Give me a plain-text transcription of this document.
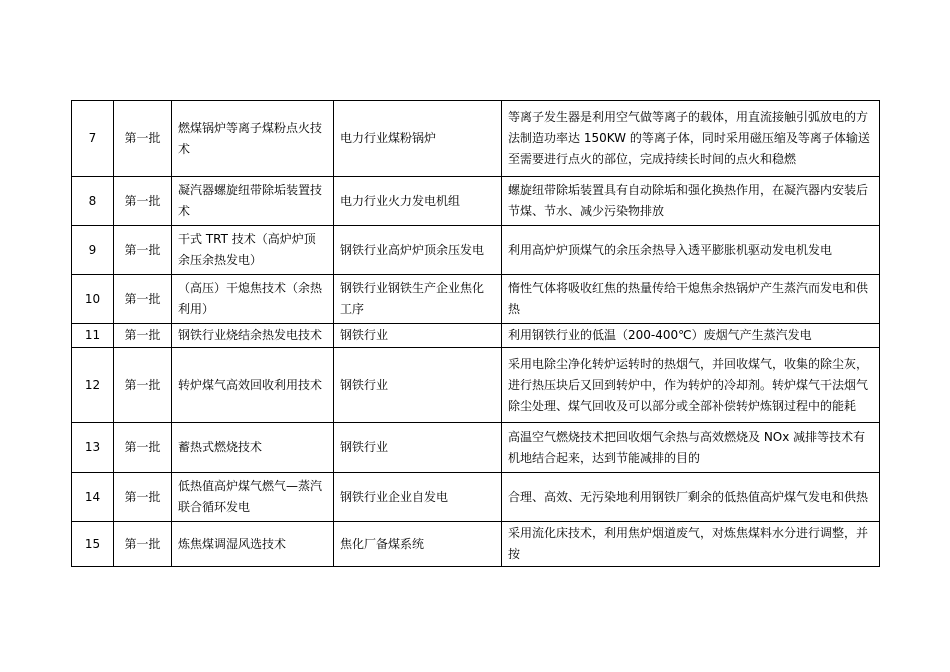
7	第一批	燃煤锅炉等离子煤粉点火技术	电力行业煤粉锅炉	等离子发生器是利用空气做等离子的载体，用直流接触引弧放电的方法制造功率达 150KW 的等离子体，同时采用磁压缩及等离子体输送至需要进行点火的部位，完成持续长时间的点火和稳燃
8	第一批	凝汽器螺旋纽带除垢装置技术	电力行业火力发电机组	螺旋纽带除垢装置具有自动除垢和强化换热作用，在凝汽器内安装后节煤、节水、减少污染物排放
9	第一批	干式 TRT 技术（高炉炉顶余压余热发电）	钢铁行业高炉炉顶余压发电	利用高炉炉顶煤气的余压余热导入透平膨胀机驱动发电机发电
10	第一批	（高压）干熄焦技术（余热利用）	钢铁行业钢铁生产企业焦化工序	惰性气体将吸收红焦的热量传给干熄焦余热锅炉产生蒸汽而发电和供热
11	第一批	钢铁行业烧结余热发电技术	钢铁行业	利用钢铁行业的低温（200-400℃）废烟气产生蒸汽发电
12	第一批	转炉煤气高效回收利用技术	钢铁行业	采用电除尘净化转炉运转时的热烟气，并回收煤气，收集的除尘灰，进行热压块后又回到转炉中，作为转炉的冷却剂。转炉煤气干法烟气除尘处理、煤气回收及可以部分或全部补偿转炉炼钢过程中的能耗
13	第一批	蓄热式燃烧技术	钢铁行业	高温空气燃烧技术把回收烟气余热与高效燃烧及 NOx 减排等技术有机地结合起来，达到节能减排的目的
14	第一批	低热值高炉煤气燃气—蒸汽联合循环发电	钢铁行业企业自发电	合理、高效、无污染地利用钢铁厂剩余的低热值高炉煤气发电和供热
15	第一批	炼焦煤调湿风选技术	焦化厂备煤系统	采用流化床技术，利用焦炉烟道废气，对炼焦煤料水分进行调整，并按
